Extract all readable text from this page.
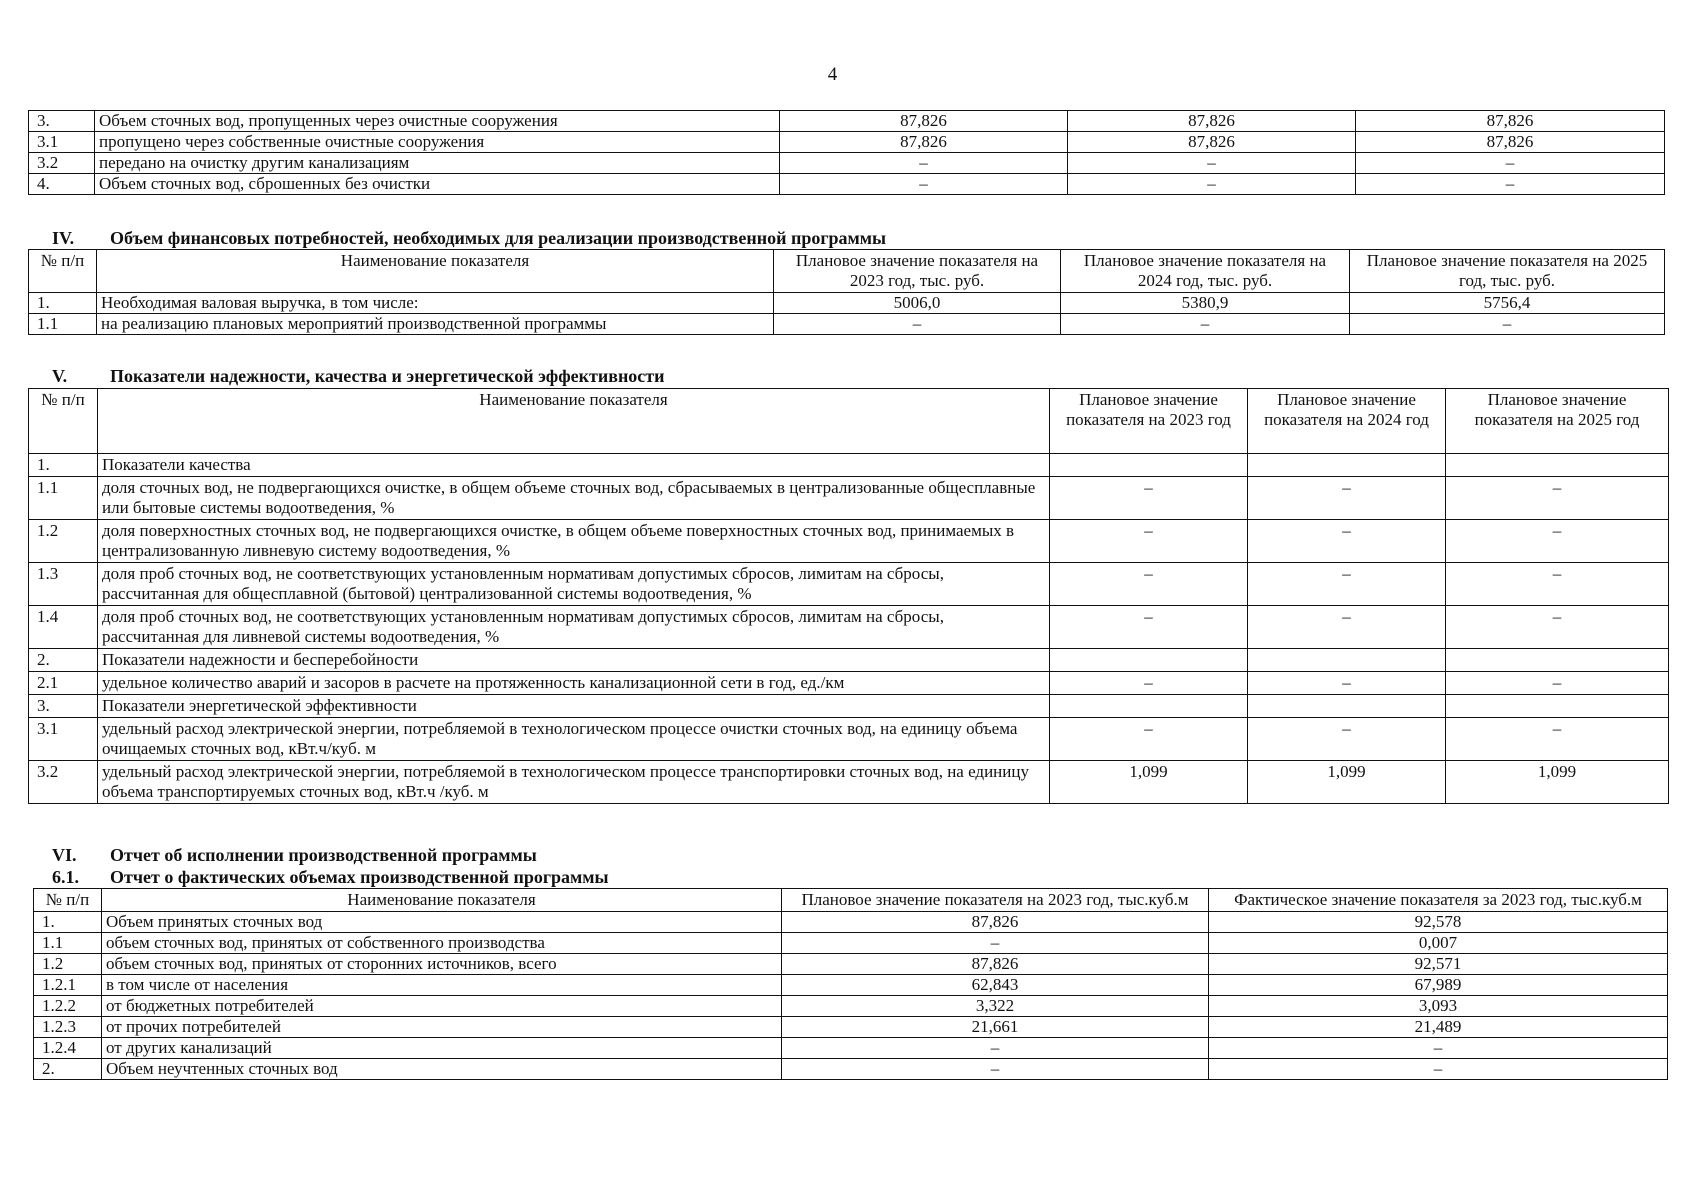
4
3.	Объем сточных вод, пропущенных через очистные сооружения	87,826	87,826	87,826
3.1	пропущено через собственные очистные сооружения	87,826	87,826	87,826
3.2	передано на очистку другим канализациям	–	–	–
4.	Объем сточных вод, сброшенных без очистки	–	–	–
IV. Объем финансовых потребностей, необходимых для реализации производственной программы
№ п/п	Наименование показателя	Плановое значение показателя на 2023 год, тыс. руб.	Плановое значение показателя на 2024 год, тыс. руб.	Плановое значение показателя на 2025 год, тыс. руб.
1.	Необходимая валовая выручка, в том числе:	5006,0	5380,9	5756,4
1.1	на реализацию плановых мероприятий производственной программы	–	–	–
V. Показатели надежности, качества и энергетической эффективности
№ п/п	Наименование показателя	Плановое значение показателя на 2023 год	Плановое значение показателя на 2024 год	Плановое значение показателя на 2025 год
1.	Показатели качества			
1.1	доля сточных вод, не подвергающихся очистке, в общем объеме сточных вод, сбрасываемых в централизованные общесплавные или бытовые системы водоотведения, %	–	–	–
1.2	доля поверхностных сточных вод, не подвергающихся очистке, в общем объеме поверхностных сточных вод, принимаемых в централизованную ливневую систему водоотведения, %	–	–	–
1.3	доля проб сточных вод, не соответствующих установленным нормативам допустимых сбросов, лимитам на сбросы, рассчитанная для общесплавной (бытовой) централизованной системы водоотведения, %	–	–	–
1.4	доля проб сточных вод, не соответствующих установленным нормативам допустимых сбросов, лимитам на сбросы, рассчитанная для ливневой системы водоотведения, %	–	–	–
2.	Показатели надежности и бесперебойности			
2.1	удельное количество аварий и засоров в расчете на протяженность канализационной сети в год, ед./км	–	–	–
3.	Показатели энергетической эффективности			
3.1	удельный расход электрической энергии, потребляемой в технологическом процессе очистки сточных вод, на единицу объема очищаемых сточных вод, кВт.ч/куб. м	–	–	–
3.2	удельный расход электрической энергии, потребляемой в технологическом процессе транспортировки сточных вод, на единицу объема транспортируемых сточных вод, кВт.ч /куб. м	1,099	1,099	1,099
VI. Отчет об исполнении производственной программы
6.1. Отчет о фактических объемах производственной программы
№ п/п	Наименование показателя	Плановое значение показателя на 2023 год, тыс.куб.м	Фактическое значение показателя за 2023 год, тыс.куб.м
1.	Объем принятых сточных вод	87,826	92,578
1.1	объем сточных вод, принятых от собственного производства	–	0,007
1.2	объем сточных вод, принятых от сторонних источников, всего	87,826	92,571
1.2.1	в том числе от населения	62,843	67,989
1.2.2	от бюджетных потребителей	3,322	3,093
1.2.3	от прочих потребителей	21,661	21,489
1.2.4	от других канализаций	–	–
2.	Объем неучтенных сточных вод	–	–
